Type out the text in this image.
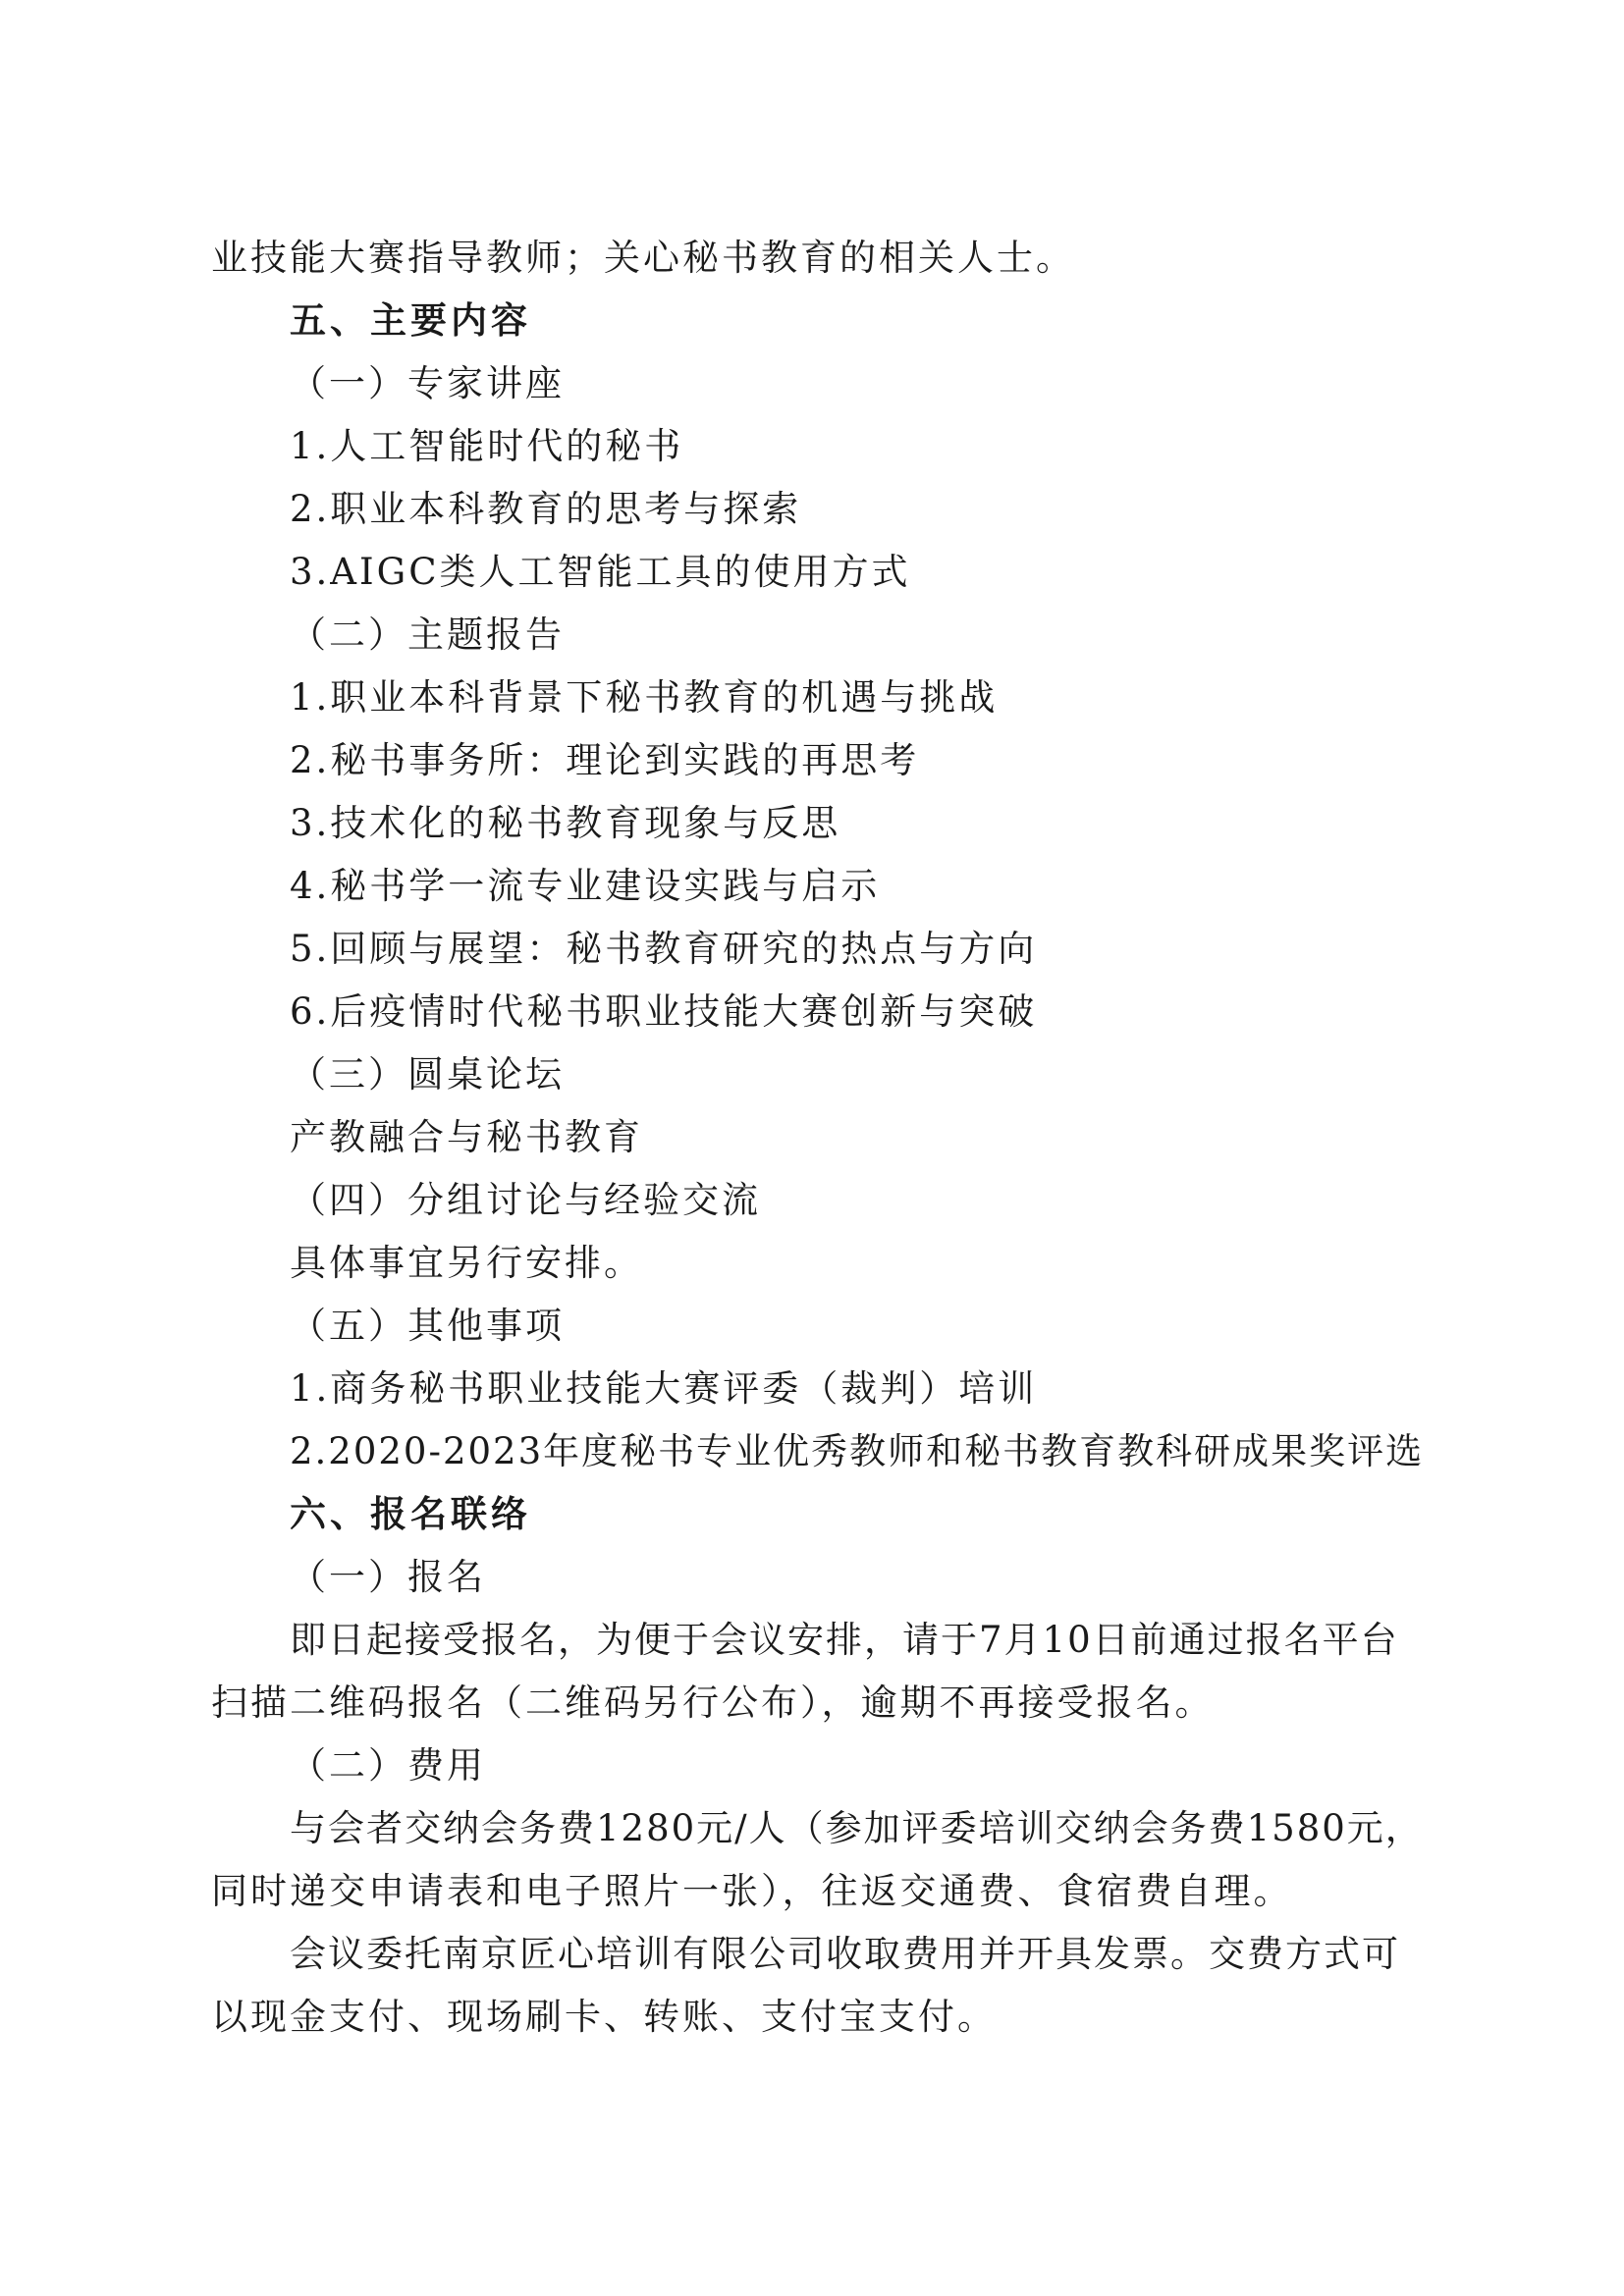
业技能大赛指导教师；关心秘书教育的相关人士。
五、主要内容
（一）专家讲座
1.人工智能时代的秘书
2.职业本科教育的思考与探索
3.AIGC类人工智能工具的使用方式
（二）主题报告
1.职业本科背景下秘书教育的机遇与挑战
2.秘书事务所：理论到实践的再思考
3.技术化的秘书教育现象与反思
4.秘书学一流专业建设实践与启示
5.回顾与展望：秘书教育研究的热点与方向
6.后疫情时代秘书职业技能大赛创新与突破
（三）圆桌论坛
产教融合与秘书教育
（四）分组讨论与经验交流
具体事宜另行安排。
（五）其他事项
1.商务秘书职业技能大赛评委（裁判）培训
2.2020-2023年度秘书专业优秀教师和秘书教育教科研成果奖评选
六、报名联络
（一）报名
即日起接受报名，为便于会议安排，请于7月10日前通过报名平台
扫描二维码报名（二维码另行公布），逾期不再接受报名。
（二）费用
与会者交纳会务费1280元/人（参加评委培训交纳会务费1580元，
同时递交申请表和电子照片一张），往返交通费、食宿费自理。
会议委托南京匠心培训有限公司收取费用并开具发票。交费方式可
以现金支付、现场刷卡、转账、支付宝支付。
